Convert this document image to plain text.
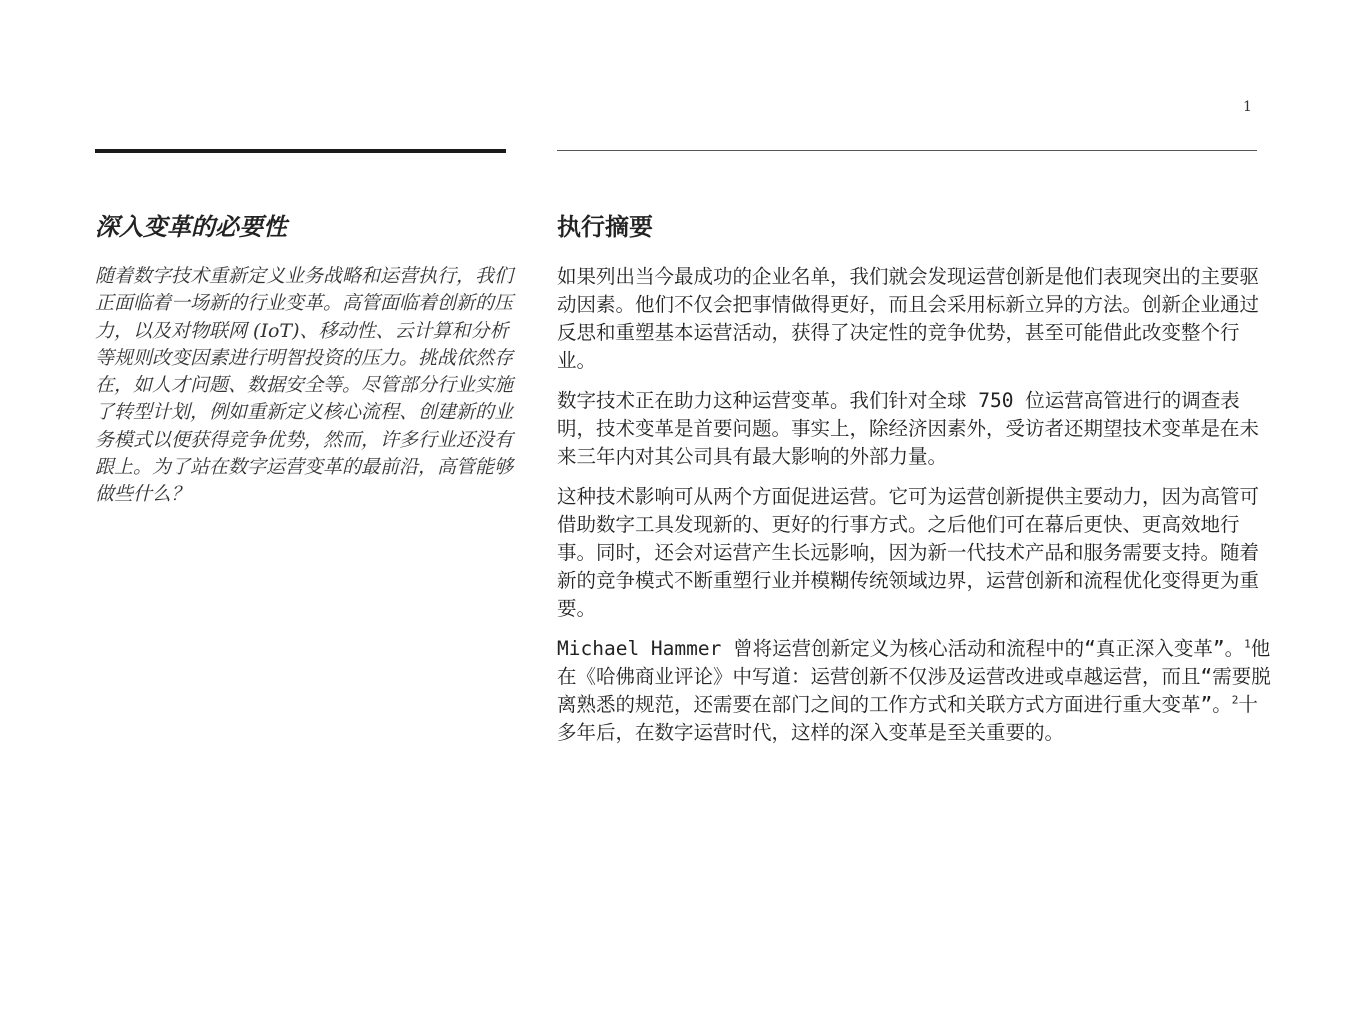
1
深入变革的必要性

随着数字技术重新定义业务战略和运营执行，我们正面临着一场新的行业变革。高管面临着创新的压力，以及对物联网 (IoT)、移动性、云计算和分析等规则改变因素进行明智投资的压力。挑战依然存在，如人才问题、数据安全等。尽管部分行业实施了转型计划，例如重新定义核心流程、创建新的业务模式以便获得竞争优势，然而，许多行业还没有跟上。为了站在数字运营变革的最前沿，高管能够做些什么？

执行摘要

如果列出当今最成功的企业名单，我们就会发现运营创新是他们表现突出的主要驱动因素。他们不仅会把事情做得更好，而且会采用标新立异的方法。创新企业通过反思和重塑基本运营活动，获得了决定性的竞争优势，甚至可能借此改变整个行业。

数字技术正在助力这种运营变革。我们针对全球 750 位运营高管进行的调查表明，技术变革是首要问题。事实上，除经济因素外，受访者还期望技术变革是在未来三年内对其公司具有最大影响的外部力量。

这种技术影响可从两个方面促进运营。它可为运营创新提供主要动力，因为高管可借助数字工具发现新的、更好的行事方式。之后他们可在幕后更快、更高效地行事。同时，还会对运营产生长远影响，因为新一代技术产品和服务需要支持。随着新的竞争模式不断重塑行业并模糊传统领域边界，运营创新和流程优化变得更为重要。

Michael Hammer 曾将运营创新定义为核心活动和流程中的“真正深入变革”。$^1$他在《哈佛商业评论》中写道：运营创新不仅涉及运营改进或卓越运营，而且“需要脱离熟悉的规范，还需要在部门之间的工作方式和关联方式方面进行重大变革”。$^2$十多年后，在数字运营时代，这样的深入变革是至关重要的。
